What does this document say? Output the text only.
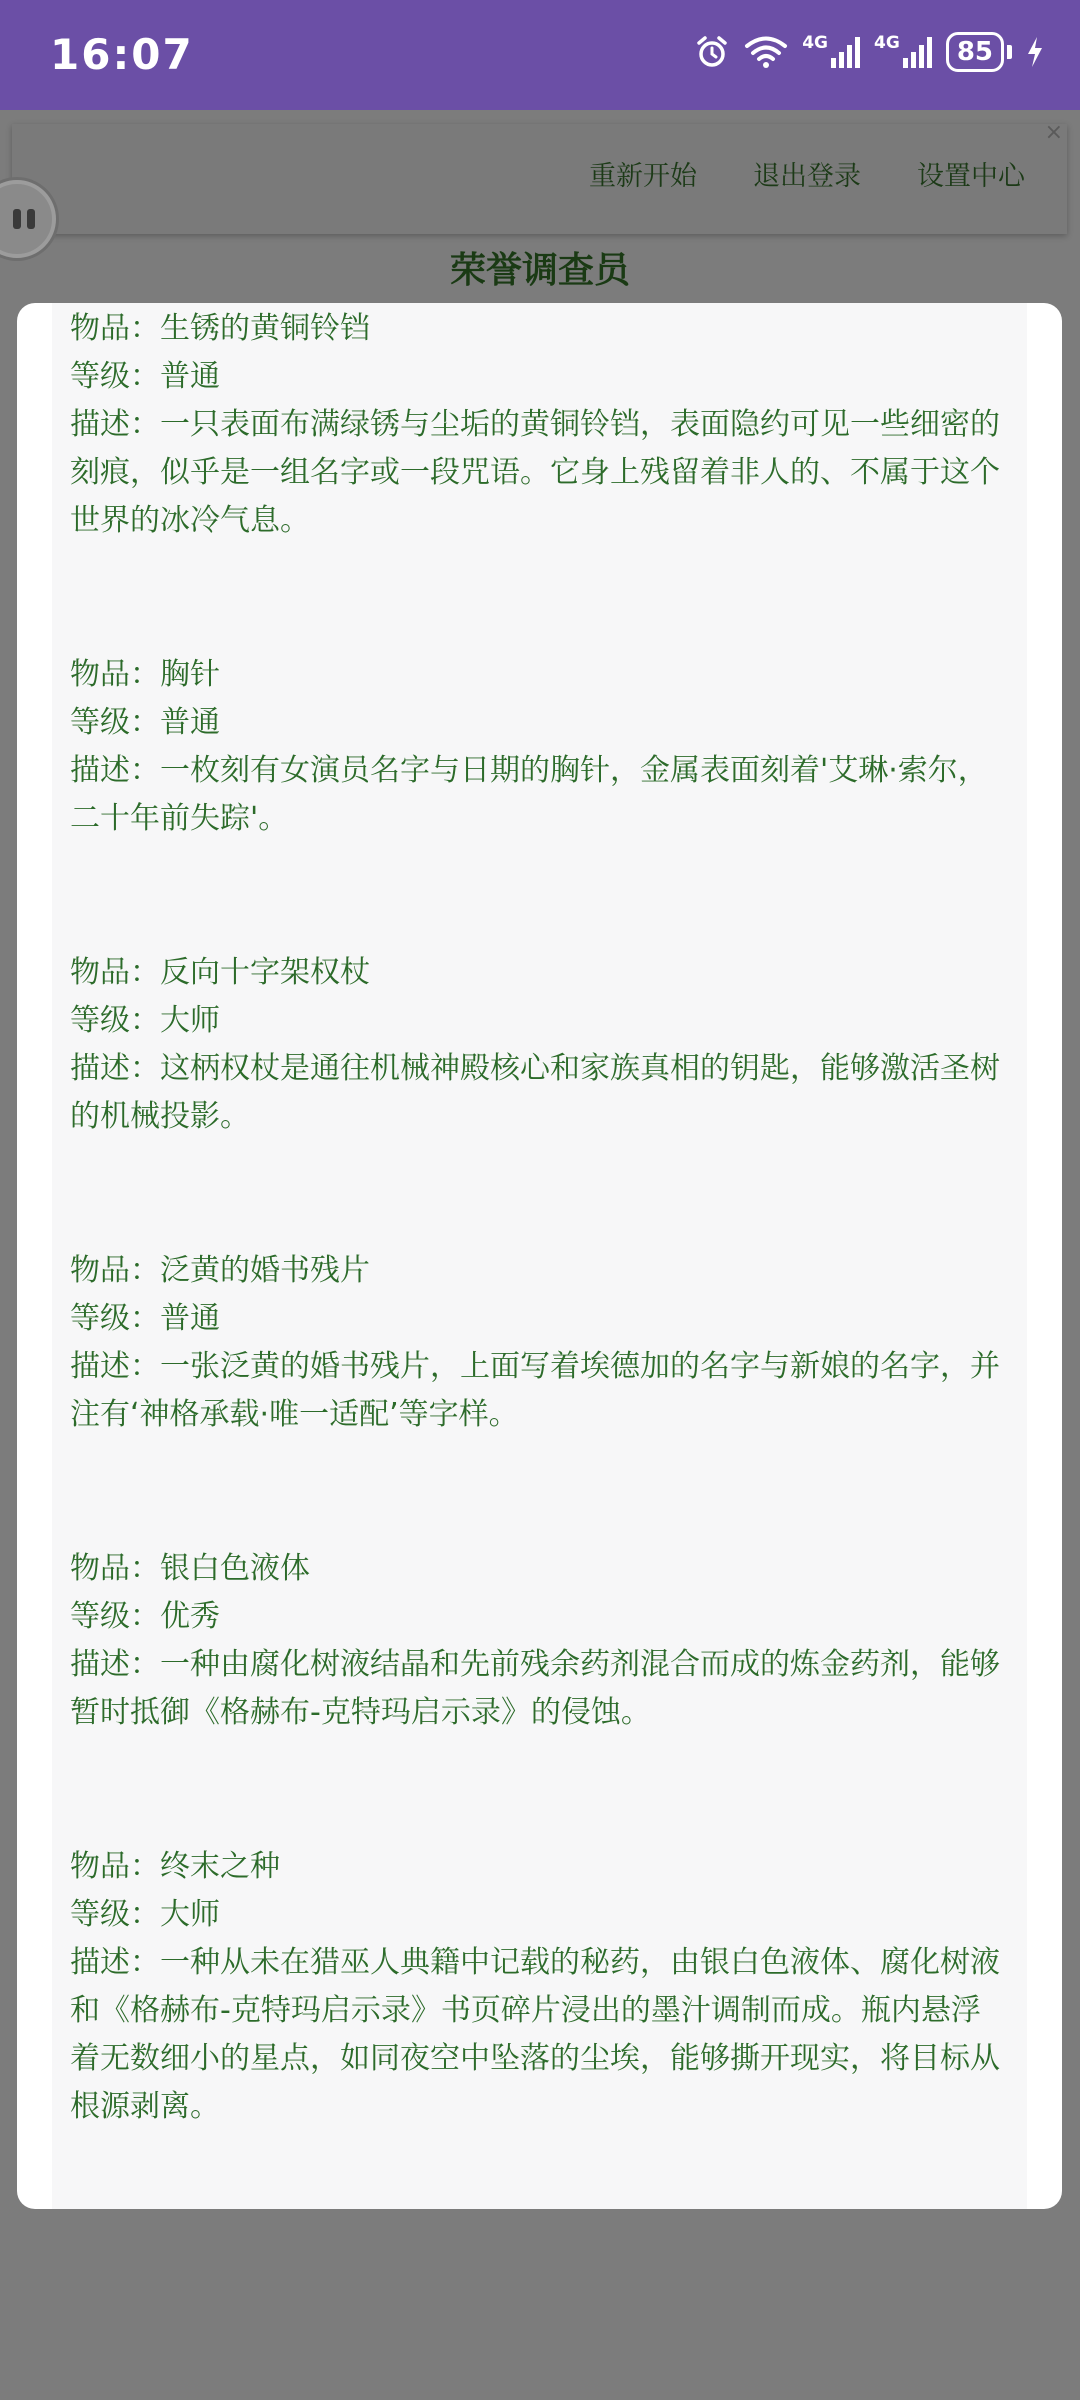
16:07	4G	4G	85
重新开始 退出登录 设置中心
×
荣誉调查员
物品：生锈的黄铜铃铛
等级：普通
描述：一只表面布满绿锈与尘垢的黄铜铃铛，表面隐约可见一些细密的刻痕，似乎是一组名字或一段咒语。它身上残留着非人的、不属于这个世界的冰冷气息。
物品：胸针
等级：普通
描述：一枚刻有女演员名字与日期的胸针，金属表面刻着'艾琳·索尔，二十年前失踪'。
物品：反向十字架权杖
等级：大师
描述：这柄权杖是通往机械神殿核心和家族真相的钥匙，能够激活圣树的机械投影。
物品：泛黄的婚书残片
等级：普通
描述：一张泛黄的婚书残片，上面写着埃德加的名字与新娘的名字，并注有‘神格承载·唯一适配’等字样。
物品：银白色液体
等级：优秀
描述：一种由腐化树液结晶和先前残余药剂混合而成的炼金药剂，能够暂时抵御《格赫布-克特玛启示录》的侵蚀。
物品：终末之种
等级：大师
描述：一种从未在猎巫人典籍中记载的秘药，由银白色液体、腐化树液和《格赫布-克特玛启示录》书页碎片浸出的墨汁调制而成。瓶内悬浮着无数细小的星点，如同夜空中坠落的尘埃，能够撕开现实，将目标从根源剥离。
